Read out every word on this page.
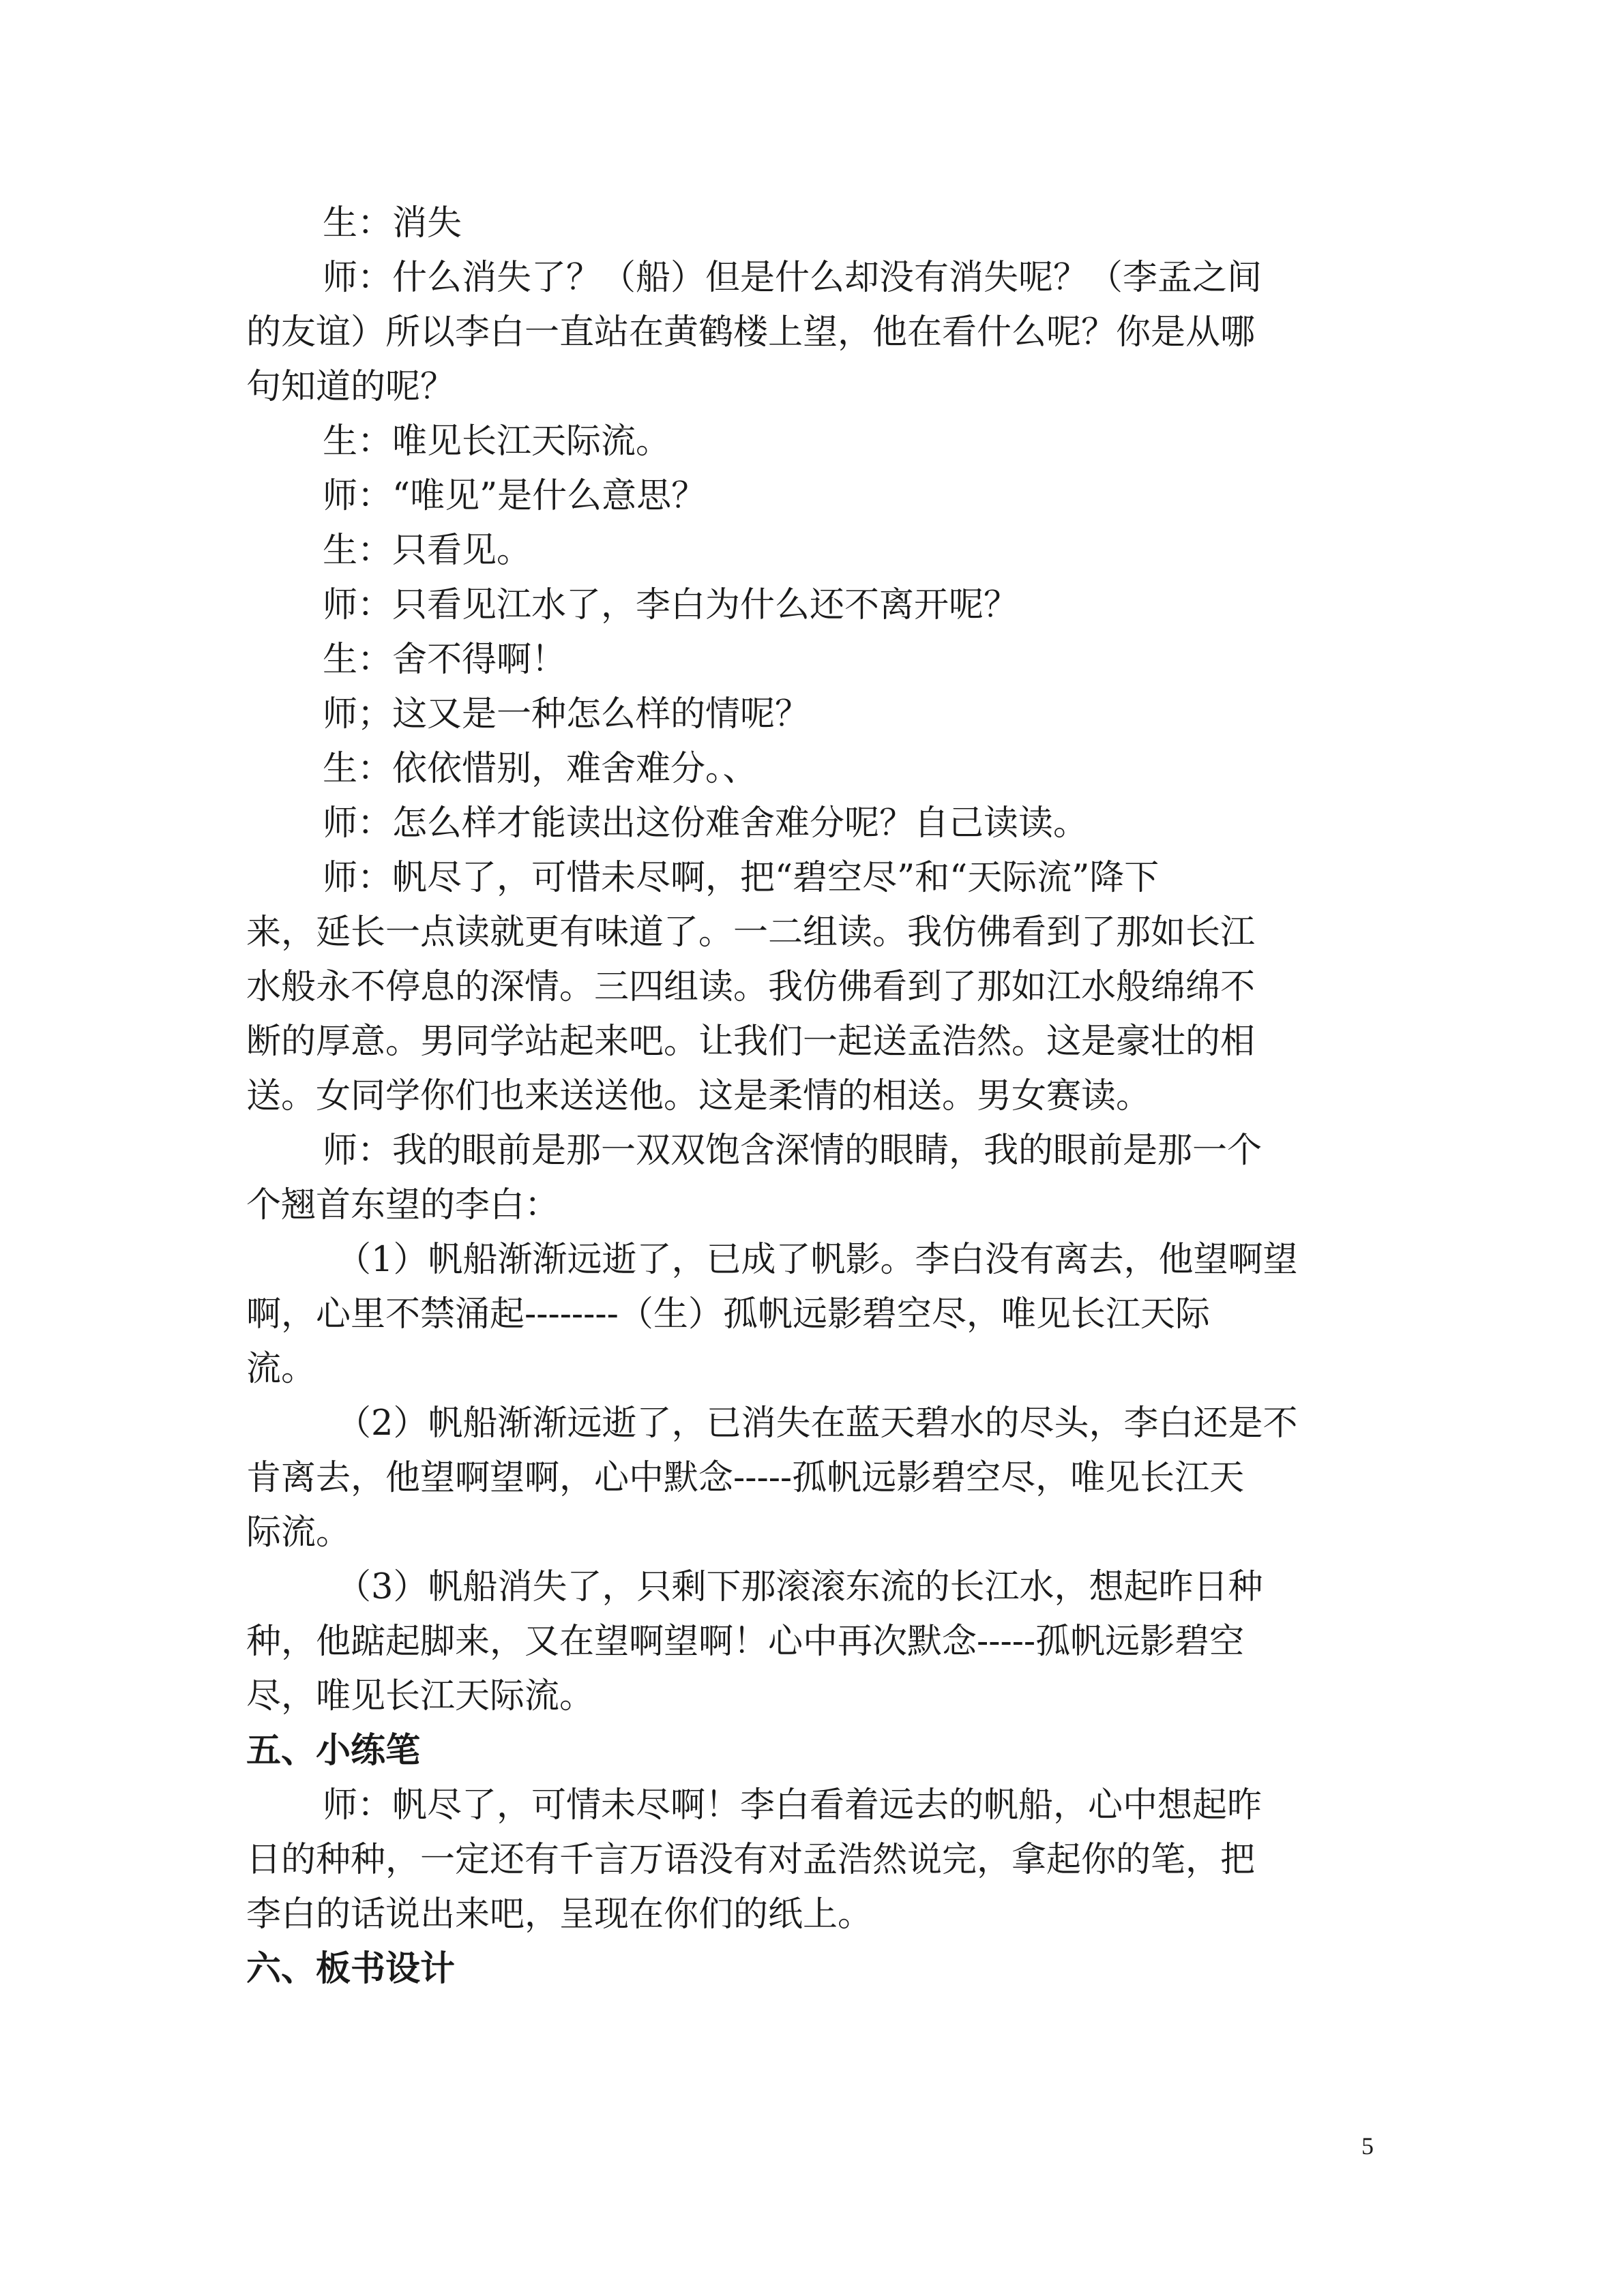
生：消失
师：什么消失了？（船）但是什么却没有消失呢？（李孟之间
的友谊）所以李白一直站在黄鹤楼上望，他在看什么呢？你是从哪
句知道的呢？
生：唯见长江天际流。
师：“唯见”是什么意思？
生：只看见。
师：只看见江水了，李白为什么还不离开呢？
生：舍不得啊！
师；这又是一种怎么样的情呢？
生：依依惜别，难舍难分。、
师：怎么样才能读出这份难舍难分呢？自己读读。
师：帆尽了，可惜未尽啊，把“碧空尽”和“天际流”降下
来，延长一点读就更有味道了。一二组读。我仿佛看到了那如长江
水般永不停息的深情。三四组读。我仿佛看到了那如江水般绵绵不
断的厚意。男同学站起来吧。让我们一起送孟浩然。这是豪壮的相
送。女同学你们也来送送他。这是柔情的相送。男女赛读。
师：我的眼前是那一双双饱含深情的眼睛，我的眼前是那一个
个翘首东望的李白：
（1）帆船渐渐远逝了，已成了帆影。李白没有离去，他望啊望
啊，心里不禁涌起--------（生）孤帆远影碧空尽，唯见长江天际
流。
（2）帆船渐渐远逝了，已消失在蓝天碧水的尽头，李白还是不
肯离去，他望啊望啊，心中默念-----孤帆远影碧空尽，唯见长江天
际流。
（3）帆船消失了，只剩下那滚滚东流的长江水，想起昨日种
种，他踮起脚来，又在望啊望啊！心中再次默念-----孤帆远影碧空
尽，唯见长江天际流。
五、小练笔
师：帆尽了，可情未尽啊！李白看着远去的帆船，心中想起昨
日的种种，一定还有千言万语没有对孟浩然说完，拿起你的笔，把
李白的话说出来吧，呈现在你们的纸上。
六、板书设计
5
